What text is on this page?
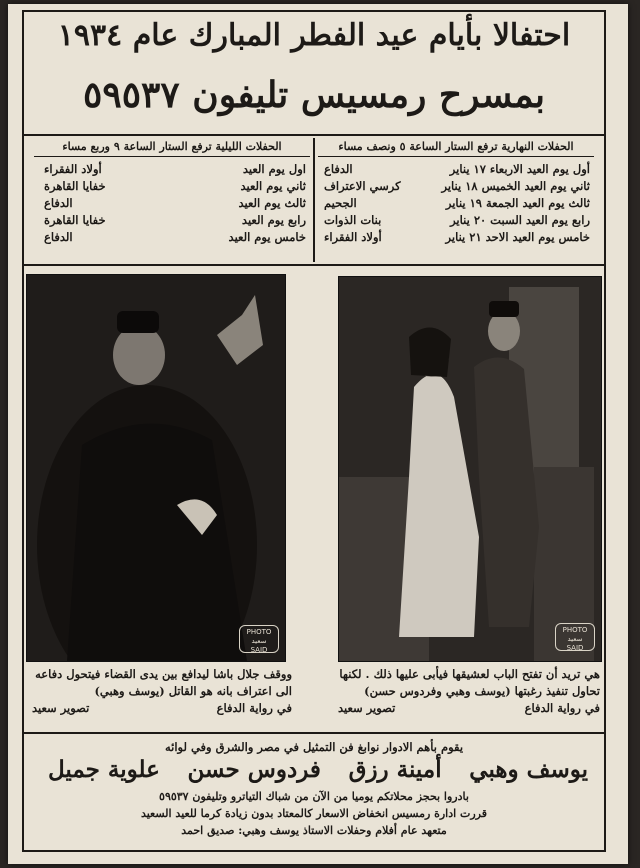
احتفالا بأيام عيد الفطر المبارك عام ١٩٣٤
بمسرح رمسيس تليفون ٥٩٥٣٧
الحفلات النهارية ترفع الستار الساعة ٥ ونصف مساء
أول يوم العيد الاربعاء ١٧ يناير
الدفاع
ثاني يوم العيد الخميس ١٨ يناير
كرسي الاعتراف
ثالث يوم العيد الجمعة ١٩ يناير
الجحيم
رابع يوم العيد السبت ٢٠ يناير
بنات الذوات
خامس يوم العيد الاحد ٢١ يناير
أولاد الفقراء
الحفلات الليلية ترفع الستار الساعة ٩ وربع مساء
اول يوم العيد
أولاد الفقراء
ثاني يوم العيد
خفايا القاهرة
ثالث يوم العيد
الدفاع
رابع يوم العيد
خفايا القاهرة
خامس يوم العيد
الدفاع
PHOTO
سعيد
SAID
PHOTO
سعيد
SAID
ووقف جلال باشا ليدافع بين يدى القضاء فيتحول دفاعه
الى اعتراف بانه هو القاتل (يوسف وهبي)
في رواية الدفاع
تصوير سعيد
هي تريد أن تفتح الباب لعشيقها فيأبى عليها ذلك . لكنها
تحاول تنفيذ رغبتها (يوسف وهبي وفردوس حسن)
في رواية الدفاع
تصوير سعيد
يقوم بأهم الادوار نوابغ فن التمثيل في مصر والشرق وفي لوائه
يوسف وهبي
أمينة رزق
فردوس حسن
علوية جميل
بادروا بحجز محلاتكم يوميا من الآن من شباك التياترو وتليفون ٥٩٥٣٧
قررت ادارة رمسيس انخفاض الاسعار كالمعتاد بدون زيادة كرما للعيد السعيد
متعهد عام أفلام وحفلات الاستاذ يوسف وهبي: صديق احمد
